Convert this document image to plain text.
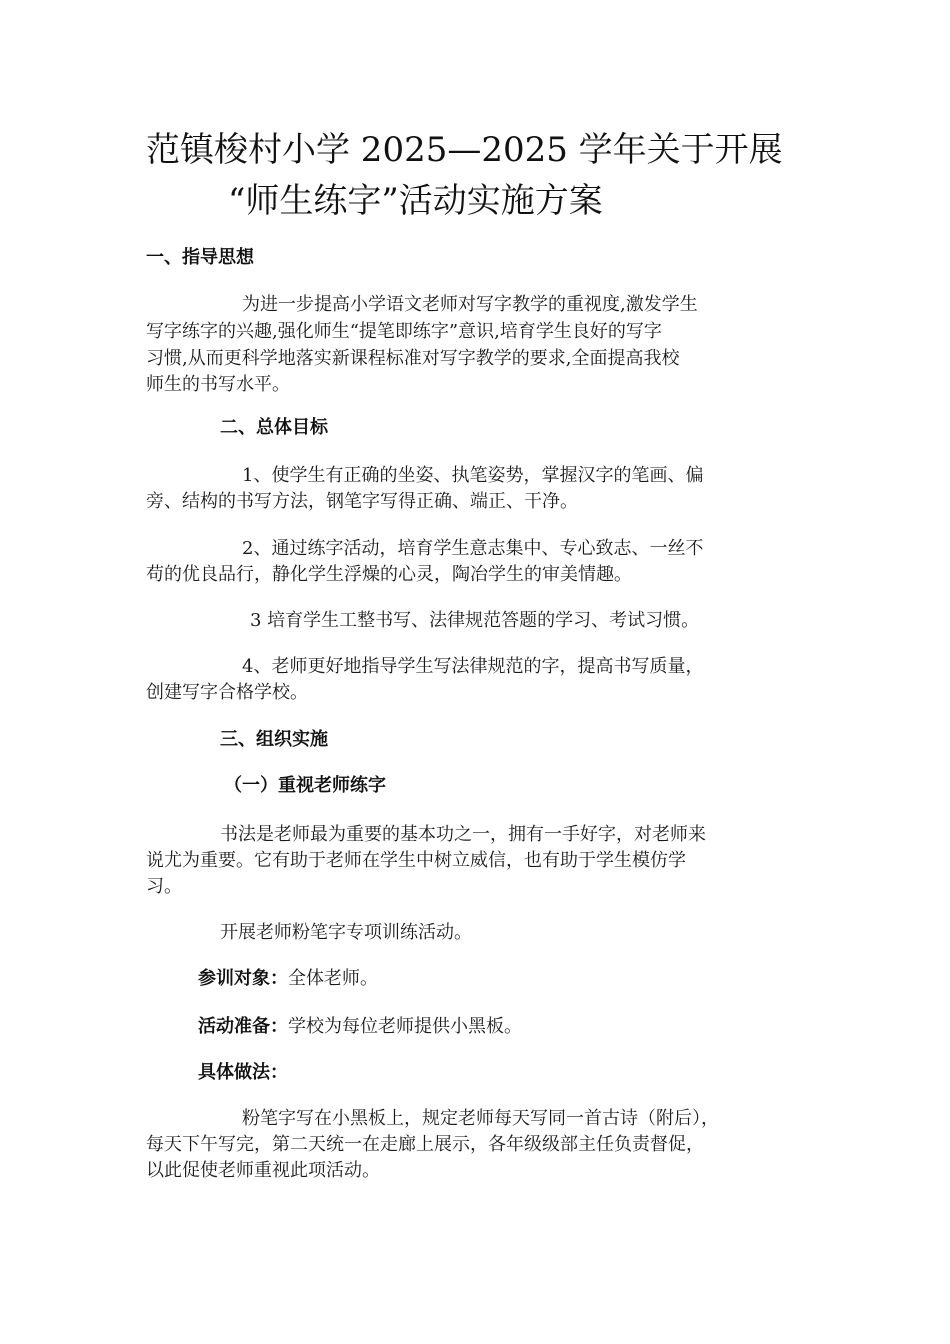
范镇梭村小学 2025—2025 学年关于开展
“师生练字”活动实施方案
一、指导思想
为进一步提高小学语文老师对写字教学的重视度,激发学生
写字练字的兴趣,强化师生“提笔即练字”意识,培育学生良好的写字
习惯,从而更科学地落实新课程标准对写字教学的要求,全面提高我校
师生的书写水平。
二、总体目标
1、使学生有正确的坐姿、执笔姿势，掌握汉字的笔画、偏
旁、结构的书写方法，钢笔字写得正确、端正、干净。
2、通过练字活动，培育学生意志集中、专心致志、一丝不
苟的优良品行，静化学生浮燥的心灵，陶冶学生的审美情趣。
3 培育学生工整书写、法律规范答题的学习、考试习惯。
4、老师更好地指导学生写法律规范的字，提高书写质量，
创建写字合格学校。
三、组织实施
（一）重视老师练字
书法是老师最为重要的基本功之一，拥有一手好字，对老师来
说尤为重要。它有助于老师在学生中树立威信，也有助于学生模仿学
习。
开展老师粉笔字专项训练活动。
参训对象：全体老师。
活动准备：学校为每位老师提供小黑板。
具体做法：
粉笔字写在小黑板上，规定老师每天写同一首古诗（附后），
每天下午写完，第二天统一在走廊上展示，各年级级部主任负责督促，
以此促使老师重视此项活动。
